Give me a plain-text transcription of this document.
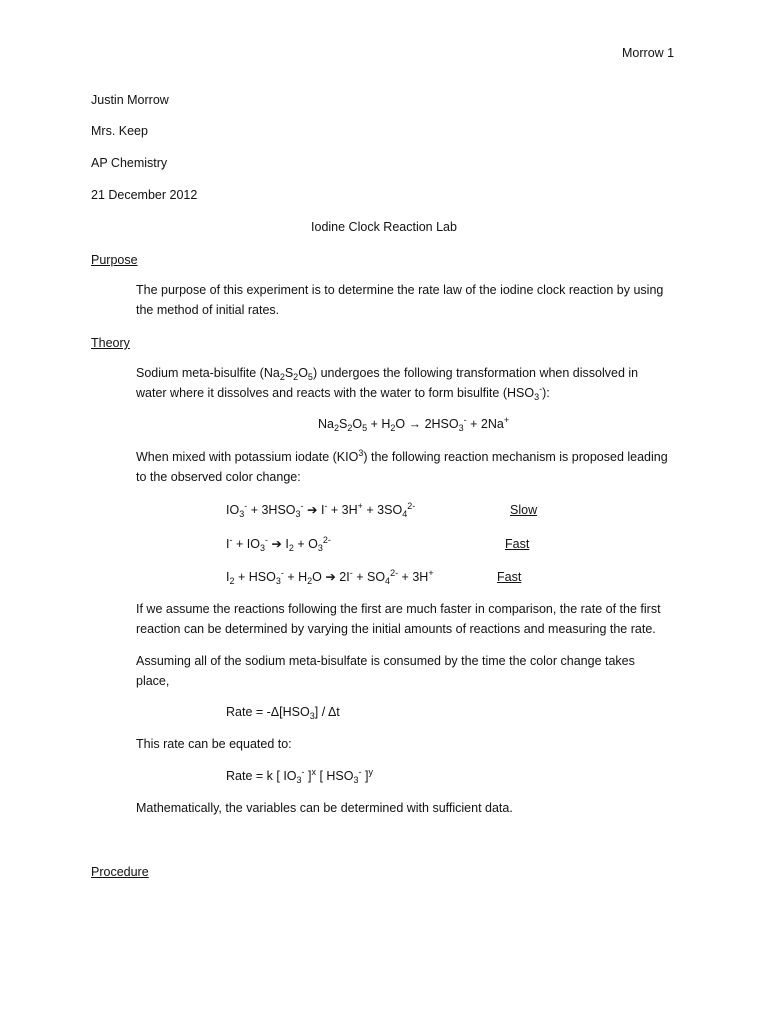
Morrow 1
Justin Morrow
Mrs. Keep
AP Chemistry
21 December 2012
Iodine Clock Reaction Lab
Purpose
The purpose of this experiment is to determine the rate law of the iodine clock reaction by using
the method of initial rates.
Theory
Sodium meta-bisulfite $(Na_2S_2O_5)$ undergoes the following transformation when dissolved in
water where it dissolves and reacts with the water to form bisulfite $(HSO_3^-)$:
$Na_2S_2O_5 + H_2O \to 2HSO_3^- + 2Na^+$
When mixed with potassium iodate (KIO$^3$) the following reaction mechanism is proposed leading
to the observed color change:
$IO_3^- + 3HSO_3^-$ ➔ $I^- + 3H^+ + 3SO_4^{2-}$	Slow
$I^- + IO_3^-$ ➔ $I_2 + O_3^{2-}$	Fast
$I_2 + HSO_3^- + H_2O$ ➔ $2I^- + SO_4^{2-} + 3H^+$	Fast
If we assume the reactions following the first are much faster in comparison, the rate of the first
reaction can be determined by varying the initial amounts of reactions and measuring the rate.
Assuming all of the sodium meta-bisulfate is consumed by the time the color change takes
place,
Rate = $-\Delta[HSO_3]$ / Δt
This rate can be equated to:
Rate = k [ $IO_3^-$ ]$^x$ [ $HSO_3^-$ ]$^y$
Mathematically, the variables can be determined with sufficient data.
Procedure
